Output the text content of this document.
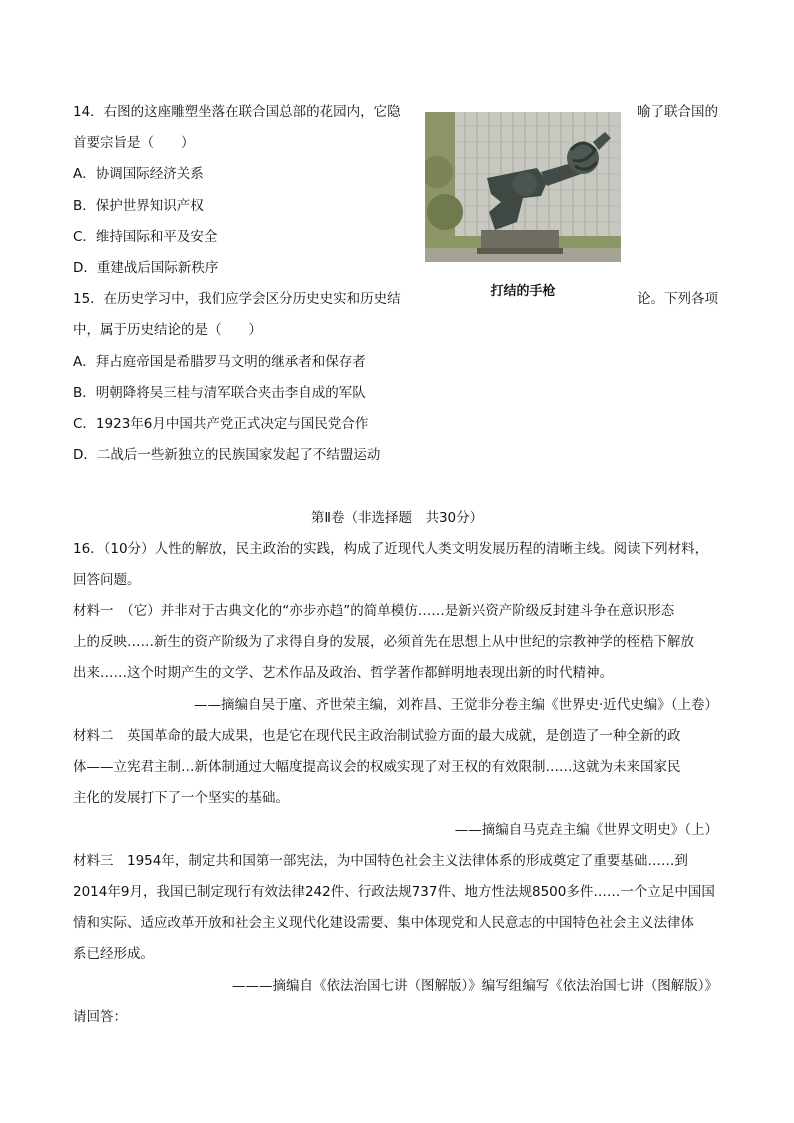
14．右图的这座雕塑坐落在联合国总部的花园内，它隐	喻了联合国的
首要宗旨是（　　）
A．协调国际经济关系
B．保护世界知识产权
C．维持国际和平及安全
D．重建战后国际新秩序
打结的手枪
15．在历史学习中，我们应学会区分历史史实和历史结	论。下列各项
中，属于历史结论的是（　　）
A．拜占庭帝国是希腊罗马文明的继承者和保存者
B．明朝降将吴三桂与清军联合夹击李自成的军队
C．1923年6月中国共产党正式决定与国民党合作
D．二战后一些新独立的民族国家发起了不结盟运动
第Ⅱ卷（非选择题　共30分）
16．（10分）人性的解放，民主政治的实践，构成了近现代人类文明发展历程的清晰主线。阅读下列材料，
回答问题。
材料一　（它）并非对于古典文化的“亦步亦趋”的简单模仿……是新兴资产阶级反封建斗争在意识形态
上的反映……新生的资产阶级为了求得自身的发展，必须首先在思想上从中世纪的宗教神学的桎梏下解放
出来……这个时期产生的文学、艺术作品及政治、哲学著作都鲜明地表现出新的时代精神。
——摘编自吴于廑、齐世荣主编，刘祚昌、王觉非分卷主编《世界史·近代史编》（上卷）
材料二　英国革命的最大成果，也是它在现代民主政治制试验方面的最大成就，是创造了一种全新的政
体——立宪君主制…新体制通过大幅度提高议会的权威实现了对王权的有效限制……这就为未来国家民
主化的发展打下了一个坚实的基础。
——摘编自马克垚主编《世界文明史》（上）
材料三　1954年，制定共和国第一部宪法，为中国特色社会主义法律体系的形成奠定了重要基础……到
2014年9月，我国已制定现行有效法律242件、行政法规737件、地方性法规8500多件……一个立足中国国
情和实际、适应改革开放和社会主义现代化建设需要、集中体现党和人民意志的中国特色社会主义法律体
系已经形成。
———摘编自《依法治国七讲（图解版）》编写组编写《依法治国七讲（图解版）》
请回答：
